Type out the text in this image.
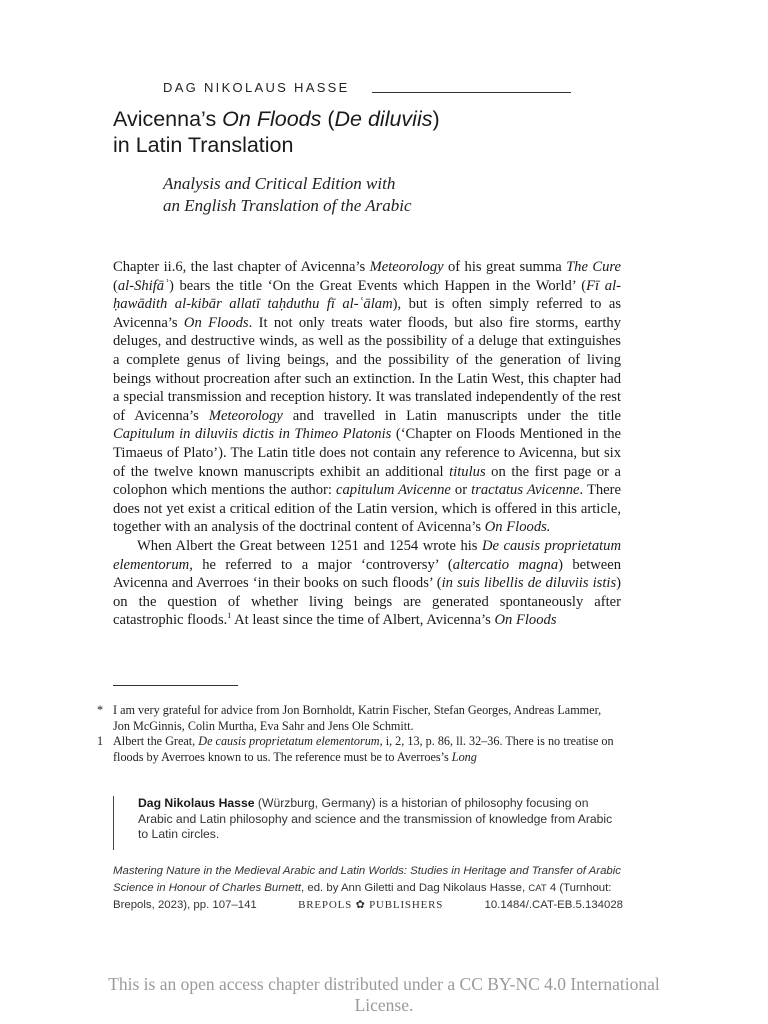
DAG NIKOLAUS HASSE
Avicenna’s On Floods (De diluviis)
in Latin Translation
Analysis and Critical Edition with
an English Translation of the Arabic

Chapter ii.6, the last chapter of Avicenna’s Meteorology of his great summa The Cure (al-Shifāʾ) bears the title ‘On the Great Events which Happen in the World’ (Fī al-ḥawādith al-kibār allatī taḥduthu fī al-ʿālam), but is often simply referred to as Avicenna’s On Floods. It not only treats water floods, but also fire storms, earthy deluges, and destructive winds, as well as the possibility of a deluge that extinguishes a complete genus of living beings, and the possibility of the generation of living beings without procreation after such an extinction. In the Latin West, this chapter had a special transmission and reception history. It was translated independently of the rest of Avicenna’s Meteorology and travelled in Latin manuscripts under the title Capitulum in diluviis dictis in Thimeo Platonis (‘Chapter on Floods Mentioned in the Timaeus of Plato’). The Latin title does not contain any reference to Avicenna, but six of the twelve known manuscripts exhibit an additional titulus on the first page or a colophon which mentions the author: capitulum Avicenne or tractatus Avicenne. There does not yet exist a critical edition of the Latin version, which is offered in this article, together with an analysis of the doctrinal content of Avicenna’s On Floods.

When Albert the Great between 1251 and 1254 wrote his De causis proprietatum elementorum, he referred to a major ‘controversy’ (altercatio magna) between Avicenna and Averroes ‘in their books on such floods’ (in suis libellis de diluviis istis) on the question of whether living beings are generated spontaneously after catastrophic floods.$^1$ At least since the time of Albert, Avicenna’s On Floods

* I am very grateful for advice from Jon Bornholdt, Katrin Fischer, Stefan Georges, Andreas Lammer, Jon McGinnis, Colin Murtha, Eva Sahr and Jens Ole Schmitt.
1 Albert the Great, De causis proprietatum elementorum, i, 2, 13, p. 86, ll. 32–36. There is no treatise on floods by Averroes known to us. The reference must be to Averroes’s Long
Dag Nikolaus Hasse (Würzburg, Germany) is a historian of philosophy focusing on Arabic and Latin philosophy and science and the transmission of knowledge from Arabic to Latin circles.
Mastering Nature in the Medieval Arabic and Latin Worlds: Studies in Heritage and Transfer of Arabic Science in Honour of Charles Burnett, ed. by Ann Giletti and Dag Nikolaus Hasse, CAT 4 (Turnhout:
Brepols, 2023), pp. 107–141	BREPOLS ✿ PUBLISHERS	10.1484/.CAT-EB.5.134028
This is an open access chapter distributed under a CC BY-NC 4.0 International
License.
